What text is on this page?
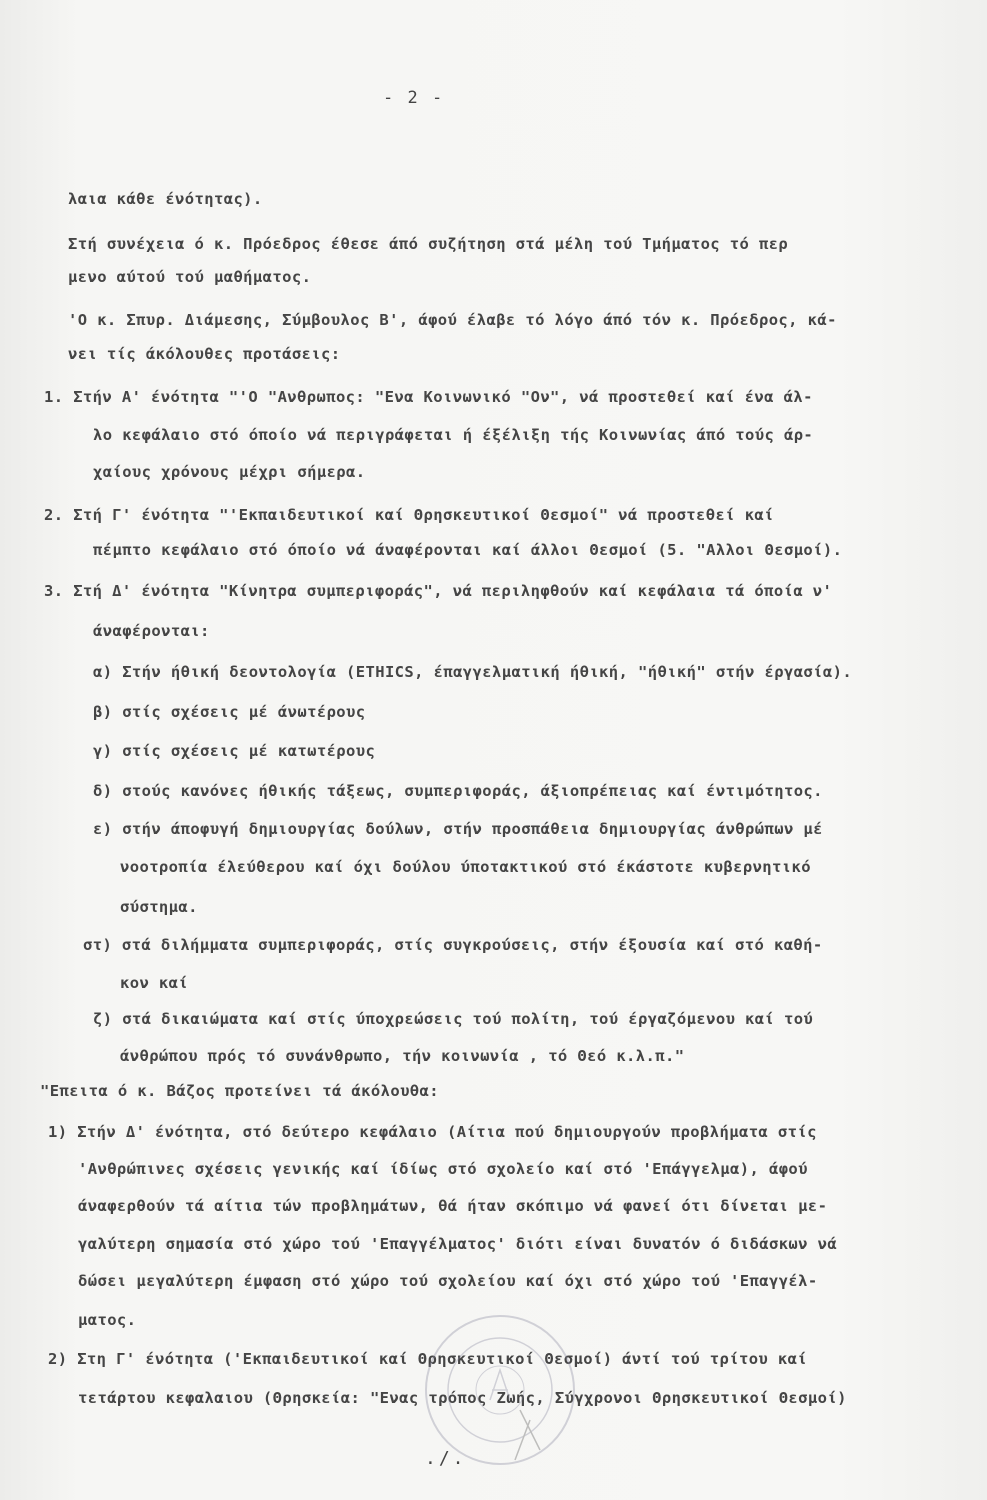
- 2 -
λαια κάθε ένότητας).
Στή συνέχεια ό κ. Πρόεδρος έθεσε άπό συζήτηση στά μέλη τού Τμήματος τό περ
μενο αύτού τού μαθήματος.
'Ο κ. Σπυρ. Διάμεσης, Σύμβουλος Β', άφού έλαβε τό λόγο άπό τόν κ. Πρόεδρος, κά-
νει τίς άκόλουθες προτάσεις:
1. Στήν Α' ένότητα "'Ο "Ανθρωπος: "Ενα Κοινωνικό "Ον", νά προστεθεί καί ένα άλ-
λο κεφάλαιο στό όποίο νά περιγράφεται ή έξέλιξη τής Κοινωνίας άπό τούς άρ-
χαίους χρόνους μέχρι σήμερα.
2. Στή Γ' ένότητα "'Εκπαιδευτικοί καί Θρησκευτικοί Θεσμοί" νά προστεθεί καί
πέμπτο κεφάλαιο στό όποίο νά άναφέρονται καί άλλοι Θεσμοί (5. "Αλλοι Θεσμοί).
3. Στή Δ' ένότητα "Κίνητρα συμπεριφοράς", νά περιληφθούν καί κεφάλαια τά όποία ν'
άναφέρονται:
α) Στήν ήθική δεοντολογία (ETHICS, έπαγγελματική ήθική, "ήθική" στήν έργασία).
β) στίς σχέσεις μέ άνωτέρους
γ) στίς σχέσεις μέ κατωτέρους
δ) στούς κανόνες ήθικής τάξεως, συμπεριφοράς, άξιοπρέπειας καί έντιμότητος.
ε) στήν άποφυγή δημιουργίας δούλων, στήν προσπάθεια δημιουργίας άνθρώπων μέ
νοοτροπία έλεύθερου καί όχι δούλου ύποτακτικού στό έκάστοτε κυβερνητικό
σύστημα.
στ) στά διλήμματα συμπεριφοράς, στίς συγκρούσεις, στήν έξουσία καί στό καθή-
κον καί
ζ) στά δικαιώματα καί στίς ύποχρεώσεις τού πολίτη, τού έργαζόμενου καί τού
άνθρώπου πρός τό συνάνθρωπο, τήν κοινωνία , τό Θεό κ.λ.π."
"Επειτα ό κ. Βάζος προτείνει τά άκόλουθα:
1) Στήν Δ' ένότητα, στό δεύτερο κεφάλαιο (Αίτια πού δημιουργούν προβλήματα στίς
'Ανθρώπινες σχέσεις γενικής καί ίδίως στό σχολείο καί στό 'Επάγγελμα), άφού
άναφερθούν τά αίτια τών προβλημάτων, θά ήταν σκόπιμο νά φανεί ότι δίνεται με-
γαλύτερη σημασία στό χώρο τού 'Επαγγέλματος' διότι είναι δυνατόν ό διδάσκων νά
δώσει μεγαλύτερη έμφαση στό χώρο τού σχολείου καί όχι στό χώρο τού 'Επαγγέλ-
ματος.
2) Στη Γ' ένότητα ('Εκπαιδευτικοί καί Θρησκευτικοί Θεσμοί) άντί τού τρίτου καί
τετάρτου κεφαλαιου (Θρησκεία: "Ενας τρόπος Ζωής, Σύγχρονοι Θρησκευτικοί Θεσμοί)
./.
